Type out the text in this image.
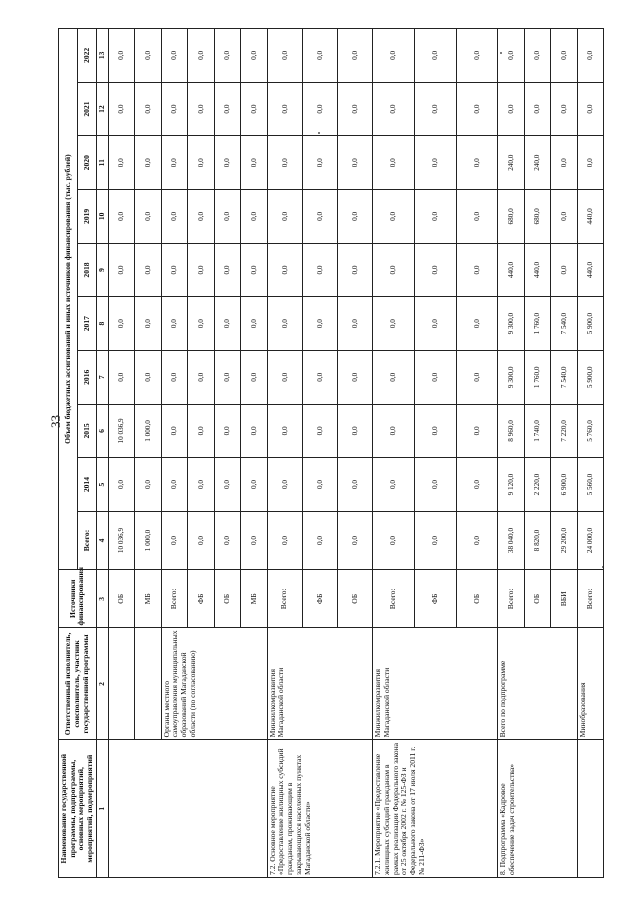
33
Наименование государственной программы, подпрограммы, основных мероприятий, мероприятий, подмероприятий	Ответственный исполнитель, соисполнитель, участник государственной программы	Источники финансирования	Объем бюджетных ассигнований и иных источников финансирования (тыс. рублей)									
			Всего:	2014	2015	2016	2017	2018	2019	2020	2021	2022
1	2	3	4	5	6	7	8	9	10	11	12	13
		ОБ	10 036,9	0,0	10 036,9	0,0	0,0	0,0	0,0	0,0	0,0	0,0
		МБ	1 000,0	0,0	1 000,0	0,0	0,0	0,0	0,0	0,0	0,0	0,0
	Органы местного самоуправления муниципальных образований Магаданской области (по согласованию)	Всего:	0,0	0,0	0,0	0,0	0,0	0,0	0,0	0,0	0,0	0,0
		ФБ	0,0	0,0	0,0	0,0	0,0	0,0	0,0	0,0	0,0	0,0
		ОБ	0,0	0,0	0,0	0,0	0,0	0,0	0,0	0,0	0,0	0,0
		МБ	0,0	0,0	0,0	0,0	0,0	0,0	0,0	0,0	0,0	0,0
7.2. Основное мероприятие «Предоставление жилищных субсидий гражданам, проживающим в закрывающихся населенных пунктах Магаданской области»	Минжилкомразвития Магаданской области	Всего:	0,0	0,0	0,0	0,0	0,0	0,0	0,0	0,0	0,0	0,0
		ФБ	0,0	0,0	0,0	0,0	0,0	0,0	0,0	0,0	0,0	0,0
		ОБ	0,0	0,0	0,0	0,0	0,0	0,0	0,0	0,0	0,0	0,0
7.2.1. Мероприятие «Предоставление жилищных субсидий гражданам в рамках реализации Федерального закона от 25 октября 2002 г. № 125-ФЗ и Федерального закона от 17 июля 2011 г. № 211-ФЗ»	Минжилкомразвития Магаданской области	Всего:	0,0	0,0	0,0	0,0	0,0	0,0	0,0	0,0	0,0	0,0
		ФБ	0,0	0,0	0,0	0,0	0,0	0,0	0,0	0,0	0,0	0,0
		ОБ	0,0	0,0	0,0	0,0	0,0	0,0	0,0	0,0	0,0	0,0
8. Подпрограмма «Кадровое обеспечение задач строительства»	Всего по подпрограмме	Всего:	38 040,0	9 120,0	8 960,0	9 300,0	9 300,0	440,0	680,0	240,0	0,0	0,0
		ОБ	8 820,0	2 220,0	1 740,0	1 760,0	1 760,0	440,0	680,0	240,0	0,0	0,0
		ВБИ	29 200,0	6 900,0	7 220,0	7 540,0	7 540,0	0,0	0,0	0,0	0,0	0,0
	Минобразования	Всего:	24 000,0	5 560,0	5 760,0	5 900,0	5 900,0	440,0	440,0	0,0	0,0	0,0
